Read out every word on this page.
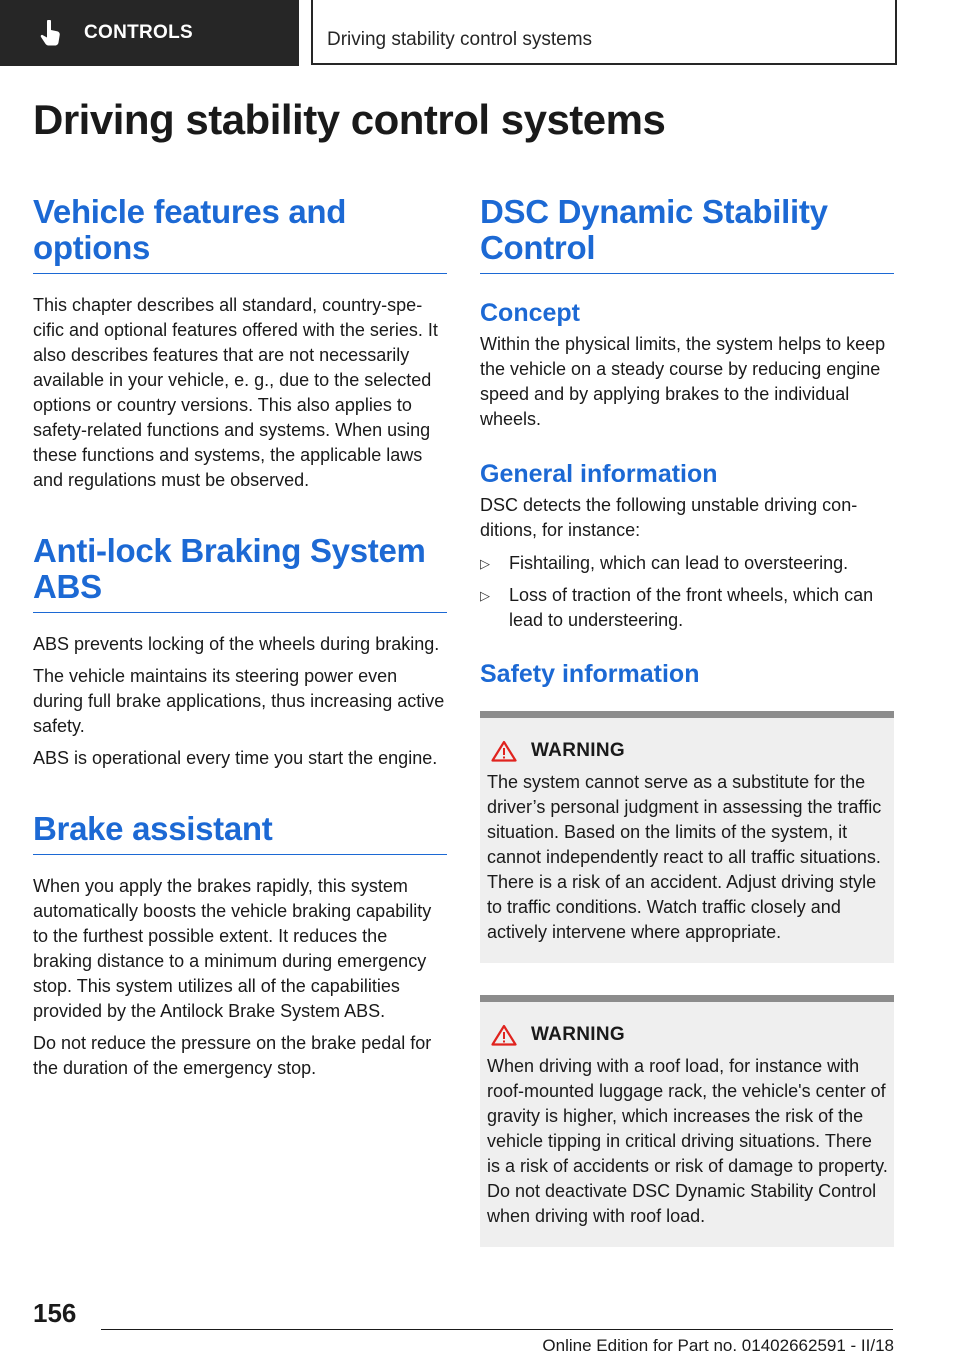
CONTROLS	Driving stability control systems
Driving stability control systems
Vehicle features and options

This chapter describes all standard, country-specific and optional features offered with the series. It also describes features that are not necessarily available in your vehicle, e. g., due to the selected options or country versions. This also applies to safety-related functions and systems. When using these functions and systems, the applicable laws and regulations must be observed.

Anti-lock Braking System ABS

ABS prevents locking of the wheels during braking.

The vehicle maintains its steering power even during full brake applications, thus increasing active safety.

ABS is operational every time you start the engine.

Brake assistant

When you apply the brakes rapidly, this system automatically boosts the vehicle braking capability to the furthest possible extent. It reduces the braking distance to a minimum during emergency stop. This system utilizes all of the capabilities provided by the Antilock Brake System ABS.

Do not reduce the pressure on the brake pedal for the duration of the emergency stop.

DSC Dynamic Stability Control
Concept

Within the physical limits, the system helps to keep the vehicle on a steady course by reducing engine speed and by applying brakes to the individual wheels.

General information

DSC detects the following unstable driving conditions, for instance:

▷ Fishtailing, which can lead to oversteering.
▷ Loss of traction of the front wheels, which can lead to understeering.
Safety information
WARNING

The system cannot serve as a substitute for the driver’s personal judgment in assessing the traffic situation. Based on the limits of the system, it cannot independently react to all traffic situations. There is a risk of an accident. Adjust driving style to traffic conditions. Watch traffic closely and actively intervene where appropriate.

WARNING

When driving with a roof load, for instance with roof-mounted luggage rack, the vehicle's center of gravity is higher, which increases the risk of the vehicle tipping in critical driving situations. There is a risk of accidents or risk of damage to property. Do not deactivate DSC Dynamic Stability Control when driving with roof load.

156
Online Edition for Part no. 01402662591 - II/18
